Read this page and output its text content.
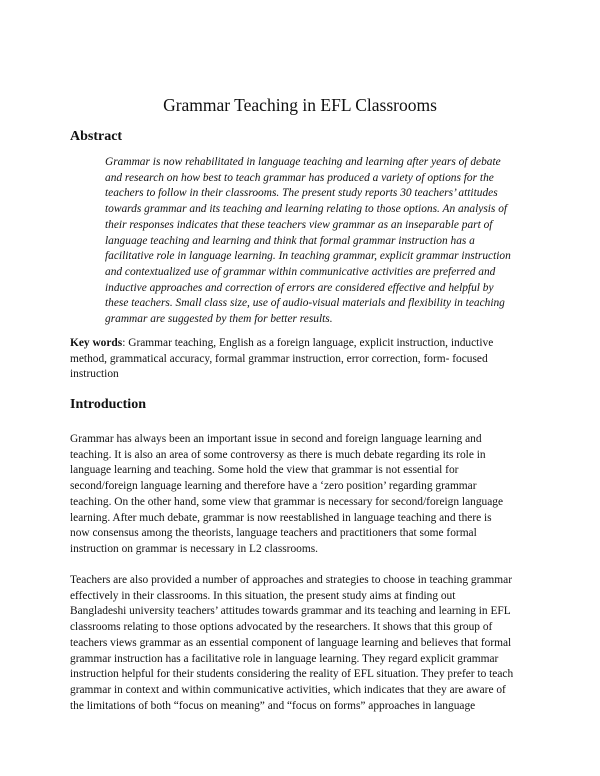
Grammar Teaching in EFL Classrooms
Abstract

Grammar is now rehabilitated in language teaching and learning after years of debate
and research on how best to teach grammar has produced a variety of options for the
teachers to follow in their classrooms. The present study reports 30 teachers’ attitudes
towards grammar and its teaching and learning relating to those options. An analysis of
their responses indicates that these teachers view grammar as an inseparable part of
language teaching and learning and think that formal grammar instruction has a
facilitative role in language learning. In teaching grammar, explicit grammar instruction
and contextualized use of grammar within communicative activities are preferred and
inductive approaches and correction of errors are considered effective and helpful by
these teachers. Small class size, use of audio-visual materials and flexibility in teaching
grammar are suggested by them for better results.

Key words: Grammar teaching, English as a foreign language, explicit instruction, inductive
method, grammatical accuracy, formal grammar instruction, error correction, form- focused
instruction

Introduction

Grammar has always been an important issue in second and foreign language learning and
teaching. It is also an area of some controversy as there is much debate regarding its role in
language learning and teaching. Some hold the view that grammar is not essential for
second/foreign language learning and therefore have a ‘zero position’ regarding grammar
teaching. On the other hand, some view that grammar is necessary for second/foreign language
learning. After much debate, grammar is now reestablished in language teaching and there is
now consensus among the theorists, language teachers and practitioners that some formal
instruction on grammar is necessary in L2 classrooms.

Teachers are also provided a number of approaches and strategies to choose in teaching grammar
effectively in their classrooms. In this situation, the present study aims at finding out
Bangladeshi university teachers’ attitudes towards grammar and its teaching and learning in EFL
classrooms relating to those options advocated by the researchers. It shows that this group of
teachers views grammar as an essential component of language learning and believes that formal
grammar instruction has a facilitative role in language learning. They regard explicit grammar
instruction helpful for their students considering the reality of EFL situation. They prefer to teach
grammar in context and within communicative activities, which indicates that they are aware of
the limitations of both “focus on meaning” and “focus on forms” approaches in language
